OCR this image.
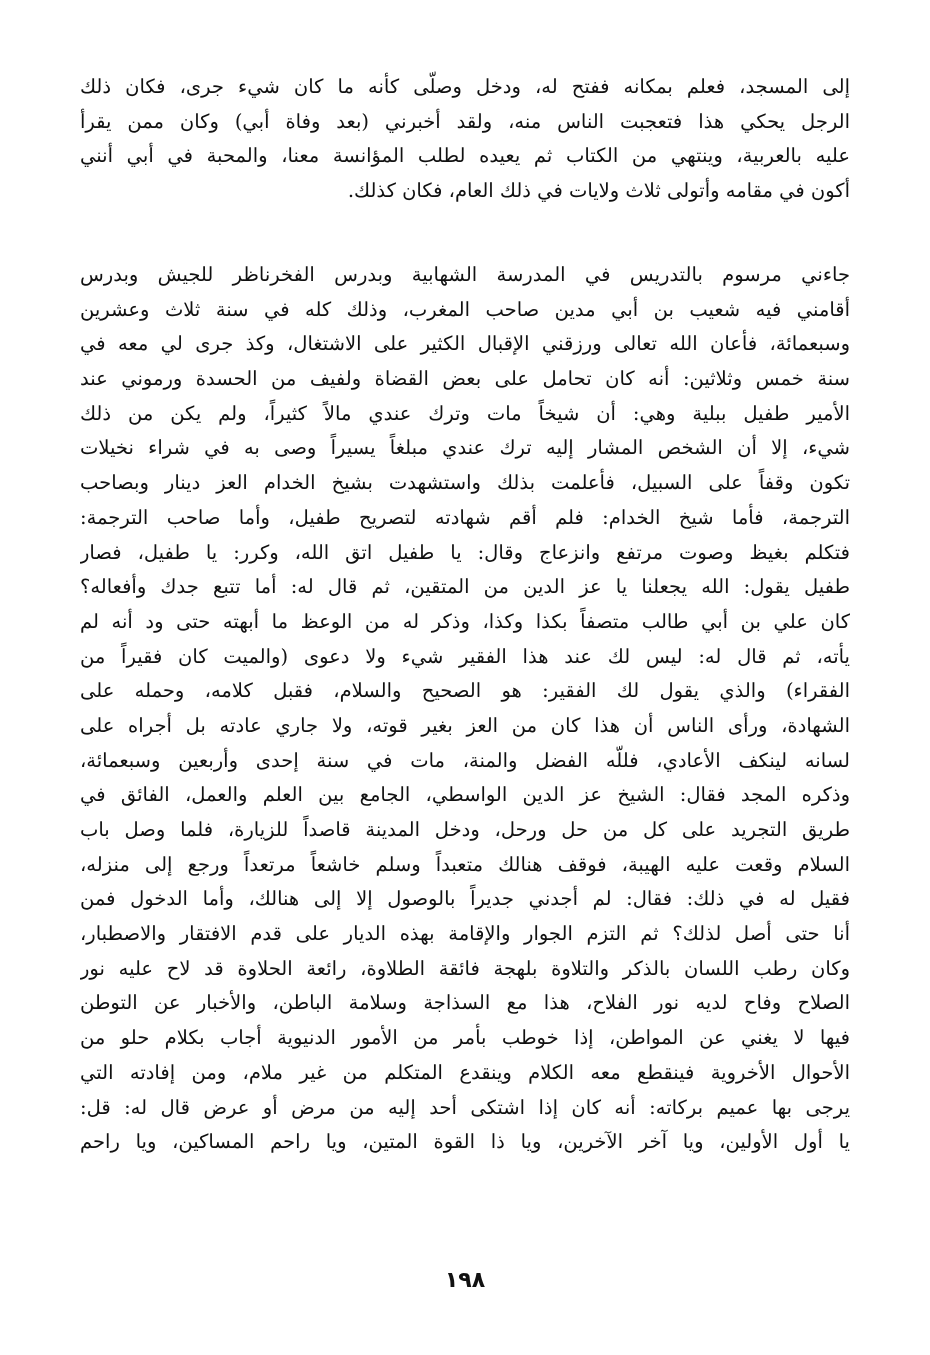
إلى المسجد، فعلم بمكانه ففتح له، ودخل وصلّى كأنه ما كان شيء جرى، فكان ذلك
الرجل يحكي هذا فتعجبت الناس منه، ولقد أخبرني (بعد وفاة أبي) وكان ممن يقرأ
عليه بالعربية، وينتهي من الكتاب ثم يعيده لطلب المؤانسة معنا، والمحبة في أبي أنني
أكون في مقامه وأتولى ثلاث ولايات في ذلك العام، فكان كذلك.
جاءني مرسوم بالتدريس في المدرسة الشهابية وبدرس الفخرناظر للجيش وبدرس
أقامني فيه شعيب بن أبي مدين صاحب المغرب، وذلك كله في سنة ثلاث وعشرين
وسبعمائة، فأعان الله تعالى ورزقني الإقبال الكثير على الاشتغال، وكذ جرى لي معه في
سنة خمس وثلاثين: أنه كان تحامل على بعض القضاة ولفيف من الحسدة ورموني عند
الأمير طفيل ببلية وهي: أن شيخاً مات وترك عندي مالاً كثيراً، ولم يكن من ذلك
شيء، إلا أن الشخص المشار إليه ترك عندي مبلغاً يسيراً وصى به في شراء نخيلات
تكون وقفاً على السبيل، فأعلمت بذلك واستشهدت بشيخ الخدام العز دينار وبصاحب
الترجمة، فأما شيخ الخدام: فلم أقم شهادته لتصريح طفيل، وأما صاحب الترجمة:
فتكلم بغيظ وصوت مرتفع وانزعاج وقال: يا طفيل اتق الله، وكرر: يا طفيل، فصار
طفيل يقول: الله يجعلنا يا عز الدين من المتقين، ثم قال له: أما تتبع جدك وأفعاله؟
كان علي بن أبي طالب متصفاً بكذا وكذا، وذكر له من الوعظ ما أبهته حتى ود أنه لم
يأته، ثم قال له: ليس لك عند هذا الفقير شيء ولا دعوى (والميت كان فقيراً من
الفقراء) والذي يقول لك الفقير: هو الصحيح والسلام، فقبل كلامه، وحمله على
الشهادة، ورأى الناس أن هذا كان من العز بغير قوته، ولا جاري عادته بل أجراه على
لسانه لينكف الأعادي، فللّه الفضل والمنة، مات في سنة إحدى وأربعين وسبعمائة،
وذكره المجد فقال: الشيخ عز الدين الواسطي، الجامع بين العلم والعمل، الفائق في
طريق التجريد على كل من حل ورحل، ودخل المدينة قاصداً للزيارة، فلما وصل باب
السلام وقعت عليه الهيبة، فوقف هنالك متعبداً وسلم خاشعاً مرتعداً ورجع إلى منزله،
فقيل له في ذلك: فقال: لم أجدني جديراً بالوصول إلا إلى هنالك، وأما الدخول فمن
أنا حتى أصل لذلك؟ ثم التزم الجوار والإقامة بهذه الديار على قدم الافتقار والاصطبار،
وكان رطب اللسان بالذكر والتلاوة بلهجة فائقة الطلاوة، رائعة الحلاوة قد لاح عليه نور
الصلاح وفاح لديه نور الفلاح، هذا مع السذاجة وسلامة الباطن، والأخبار عن التوطن
فيها لا يغني عن المواطن، إذا خوطب بأمر من الأمور الدنيوية أجاب بكلام حلو من
الأحوال الأخروية فينقطع معه الكلام وينقدع المتكلم من غير ملام، ومن إفادته التي
يرجى بها عميم بركاته: أنه كان إذا اشتكى أحد إليه من مرض أو عرض قال له: قل:
يا أول الأولين، ويا آخر الآخرين، ويا ذا القوة المتين، ويا راحم المساكين، ويا راحم
١٩٨
